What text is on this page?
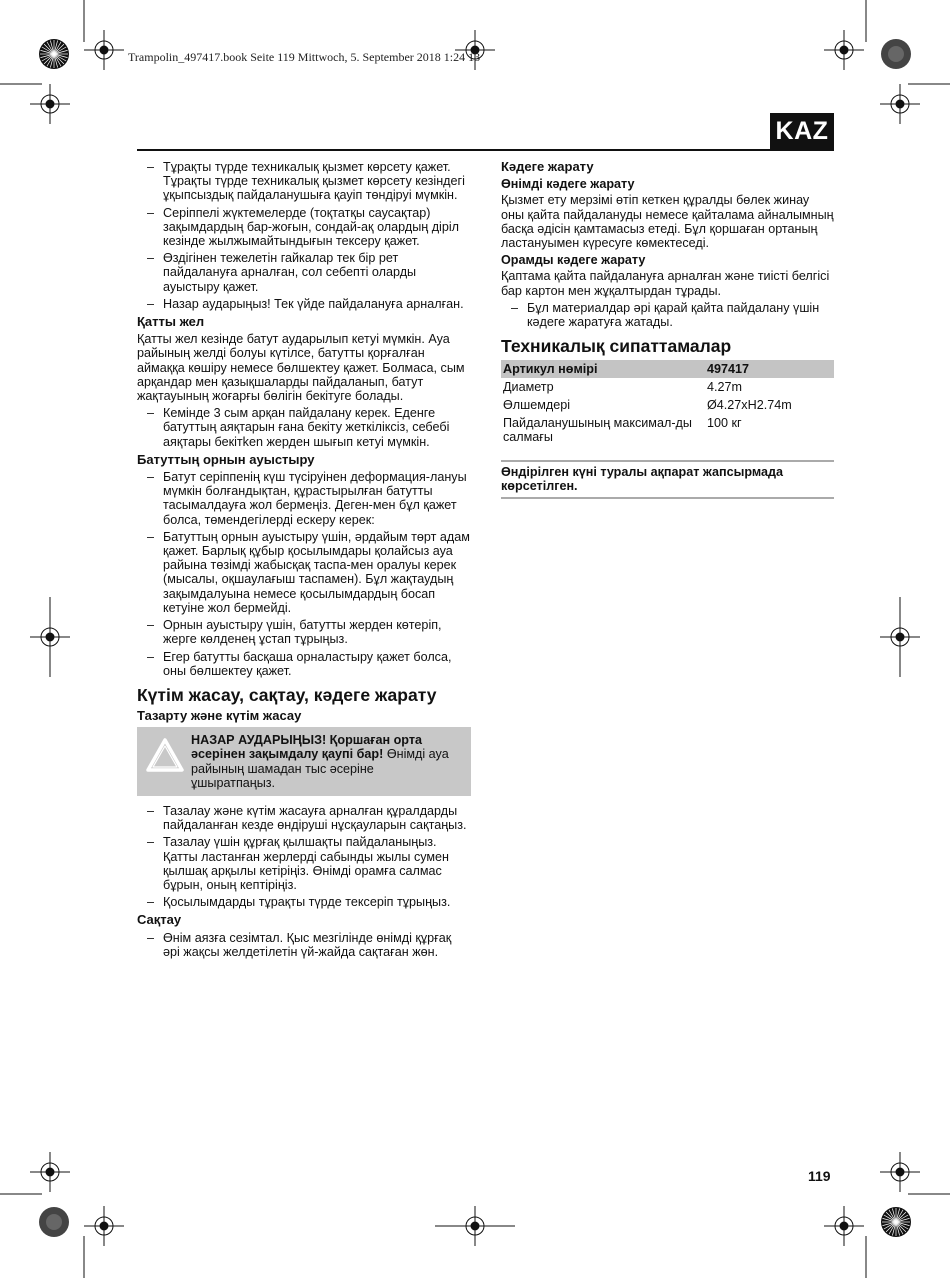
Trampolin_497417.book Seite 119 Mittwoch, 5. September 2018 1:24 13
KAZ
– Тұрақты түрде техникалық қызмет көрсету қажет. Тұрақты түрде техникалық қызмет көрсету кезіндегі ұқыпсыздық пайдаланушыға қауіп төндіруі мүмкін.
– Серіппелі жүктемелерде (тоқтатқы саусақтар) зақымдардың бар-жоғын, сондай-ақ олардың діріл кезінде жылжымайтындығын тексеру қажет.
– Өздігінен тежелетін гайкалар тек бір рет пайдалануға арналған, сол себепті оларды ауыстыру қажет.
– Назар аударыңыз! Тек үйде пайдалануға арналған.
Қатты жел

Қатты жел кезінде батут аударылып кетуі мүмкін. Ауа райының желді болуы күтілсе, батутты қорғалған аймаққа көшіру немесе бөлшектеу қажет. Болмаса, сым арқандар мен қазықшаларды пайдаланып, батут жақтауының жоғарғы бөлігін бекітуге болады.

– Кемінде 3 сым арқан пайдалану керек. Еденге батуттың аяқтарын ғана бекіту жеткіліксіз, себебі аяқтары бекітken жерден шығып кетуі мүмкін.
Батуттың орнын ауыстыру
– Батут серіппенің күш түсіруінен деформация-лануы мүмкін болғандықтан, құрастырылған батутты тасымалдауға жол бермеңіз. Деген-мен бұл қажет болса, төмендегілерді ескеру керек:
– Батуттың орнын ауыстыру үшін, әрдайым төрт адам қажет. Барлық құбыр қосылымдары қолайсыз ауа райына төзімді жабысқақ таспа-мен оралуы керек (мысалы, оқшаулағыш таспамен). Бұл жақтаудың зақымдалуына немесе қосылымдардың босап кетуіне жол бермейді.
– Орнын ауыстыру үшін, батутты жерден көтеріп, жерге көлденең ұстап тұрыңыз.
– Егер батутты басқаша орналастыру қажет болса, оны бөлшектеу қажет.
Күтім жасау, сақтау, кәдеге жарату
Тазарту және күтім жасау
НАЗАР АУДАРЫҢЫЗ! Қоршаған орта әсерінен зақымдалу қаупі бар! Өнімді ауа райының шамадан тыс әсеріне ұшыратпаңыз.
– Тазалау және күтім жасауға арналған құралдарды пайдаланған кезде өндіруші нұсқауларын сақтаңыз.
– Тазалау үшін құрғақ қылшақты пайдаланыңыз. Қатты ластанған жерлерді сабынды жылы сумен қылшақ арқылы кетіріңіз. Өнімді орамға салмас бұрын, оның кептіріңіз.
– Қосылымдарды тұрақты түрде тексеріп тұрыңыз.
Сақтау
– Өнім аязға сезімтал. Қыс мезгілінде өнімді құрғақ әрі жақсы желдетілетін үй-жайда сақтаған жөн.
Кәдеге жарату
Өнімді кәдеге жарату

Қызмет ету мерзімі өтіп кеткен құралды бөлек жинау оны қайта пайдалануды немесе қайталама айналымның басқа әдісін қамтамасыз етеді. Бұл қоршаған ортаның ластануымен күресуге көмектеседі.

Орамды кәдеге жарату

Қаптама қайта пайдалануға арналған және тиісті белгісі бар картон мен жұқалтырдан тұрады.

– Бұл материалдар әрі қарай қайта пайдалану үшін кәдеге жаратуға жатады.
Техникалық сипаттамалар
Артикул нөмірі	497417
Диаметр	4.27m
Өлшемдері	Ø4.27xH2.74m
Пайдаланушының максимал-ды салмағы	100 кг
Өндірілген күні туралы ақпарат жапсырмада көрсетілген.
119
